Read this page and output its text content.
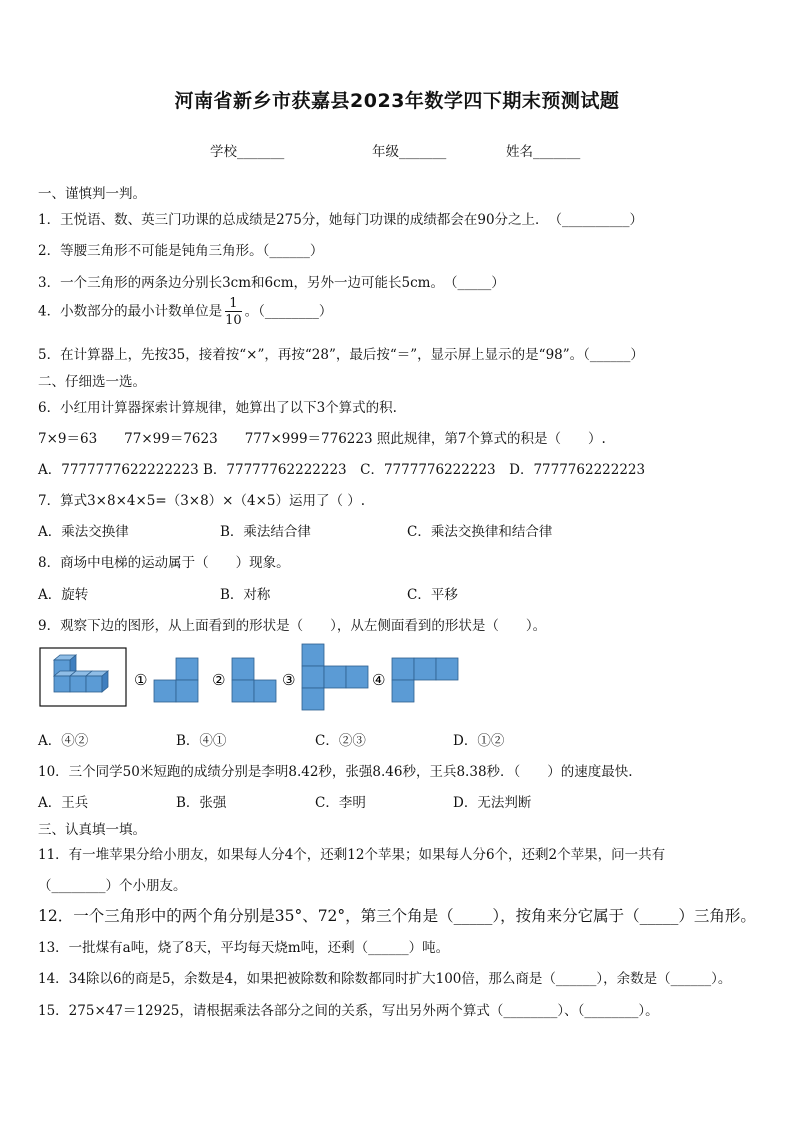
河南省新乡市获嘉县2023年数学四下期末预测试题
学校_______	年级_______	姓名_______
一、谨慎判一判。
1．王悦语、数、英三门功课的总成绩是275分，她每门功课的成绩都会在90分之上．　（__________）
2．等腰三角形不可能是钝角三角形。（______）
3．一个三角形的两条边分别长3cm和6cm，另外一边可能长5cm。　（_____）
4．小数部分的最小计数单位是 $\frac{1}{10}$ 。（________）
5．在计算器上，先按35，接着按“×”，再按“28”，最后按“＝”，显示屏上显示的是“98”。（______）
二、仔细选一选。
6．小红用计算器探索计算规律，她算出了以下3个算式的积.
7×9＝63　　77×99＝7623　　777×999＝776223 照此规律，第7个算式的积是（　　）.
A．7777777622222223 B．77777762222223　C．7777776222223　D．7777762222223
7．算式3×8×4×5=（3×8）×（4×5）运用了（ ）.
A．乘法交换律	B．乘法结合律	C．乘法交换律和结合律
8．商场中电梯的运动属于（　　）现象。
A．旋转	B．对称	C．平移
9．观察下边的图形，从上面看到的形状是（　　），从左侧面看到的形状是（　　）。
①	②	③	④
A．④②	B．④①	C．②③	D．①②
10．三个同学50米短跑的成绩分别是李明8.42秒，张强8.46秒，王兵8.38秒．（　　）的速度最快.
A．王兵	B．张强	C．李明	D．无法判断
三、认真填一填。
11．有一堆苹果分给小朋友，如果每人分4个，还剩12个苹果；如果每人分6个，还剩2个苹果，问一共有
（________）个小朋友。
12．一个三角形中的两个角分别是35°、72°，第三个角是（_____），按角来分它属于（_____）三角形。
13．一批煤有a吨，烧了8天，平均每天烧m吨，还剩（______）吨。
14．34除以6的商是5，余数是4，如果把被除数和除数都同时扩大100倍，那么商是（______），余数是（______）。
15．275×47＝12925，请根据乘法各部分之间的关系，写出另外两个算式（________）、（________）。
